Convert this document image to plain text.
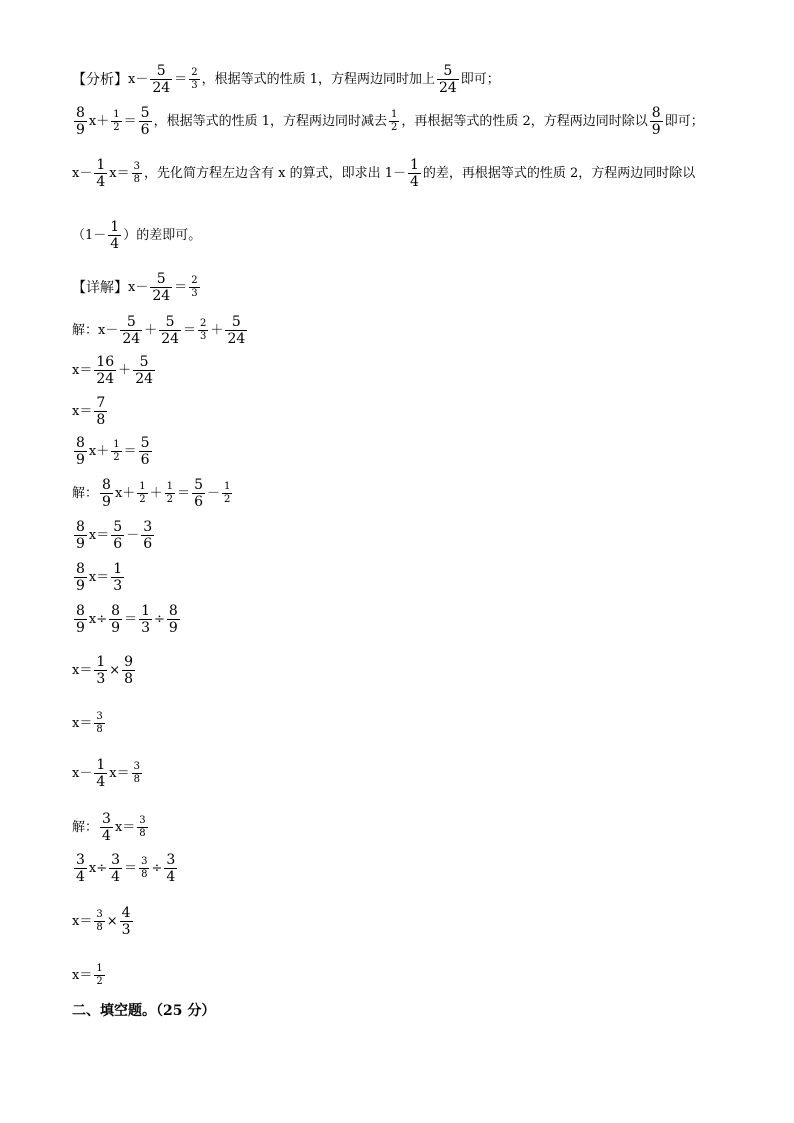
【分析】 $x- \frac{5}{24} = \frac{2}{3}$ ，根据等式的性质 1，方程两边同时加上 $\frac{5}{24}$ 即可；
$\frac{8}{9} x+ \frac{1}{2} = \frac{5}{6}$ ，根据等式的性质 1，方程两边同时减去 $\frac{1}{2}$ ，再根据等式的性质 2，方程两边同时除以 $\frac{8}{9}$ 即可；
$x- \frac{1}{4} x= \frac{3}{8}$ ，先化简方程左边含有 x 的算式，即求出 $1- \frac{1}{4}$ 的差，再根据等式的性质 2，方程两边同时除以
（$1- \frac{1}{4}$ ）的差即可。
【详解】 $x- \frac{5}{24} = \frac{2}{3}$
解： $x- \frac{5}{24} + \frac{5}{24} = \frac{2}{3} + \frac{5}{24}$
$x= \frac{16}{24} + \frac{5}{24}$
$x= \frac{7}{8}$
$\frac{8}{9} x+ \frac{1}{2} = \frac{5}{6}$
解： $\frac{8}{9} x+ \frac{1}{2} + \frac{1}{2} = \frac{5}{6} - \frac{1}{2}$
$\frac{8}{9} x= \frac{5}{6} - \frac{3}{6}$
$\frac{8}{9} x= \frac{1}{3}$
$\frac{8}{9} x\div \frac{8}{9} = \frac{1}{3} \div \frac{8}{9}$
$x= \frac{1}{3} \times \frac{9}{8}$
$x= \frac{3}{8}$
$x- \frac{1}{4} x= \frac{3}{8}$
解： $\frac{3}{4} x= \frac{3}{8}$
$\frac{3}{4} x\div \frac{3}{4} = \frac{3}{8} \div \frac{3}{4}$
$x= \frac{3}{8} \times \frac{4}{3}$
$x= \frac{1}{2}$
二、填空题。（25 分）
